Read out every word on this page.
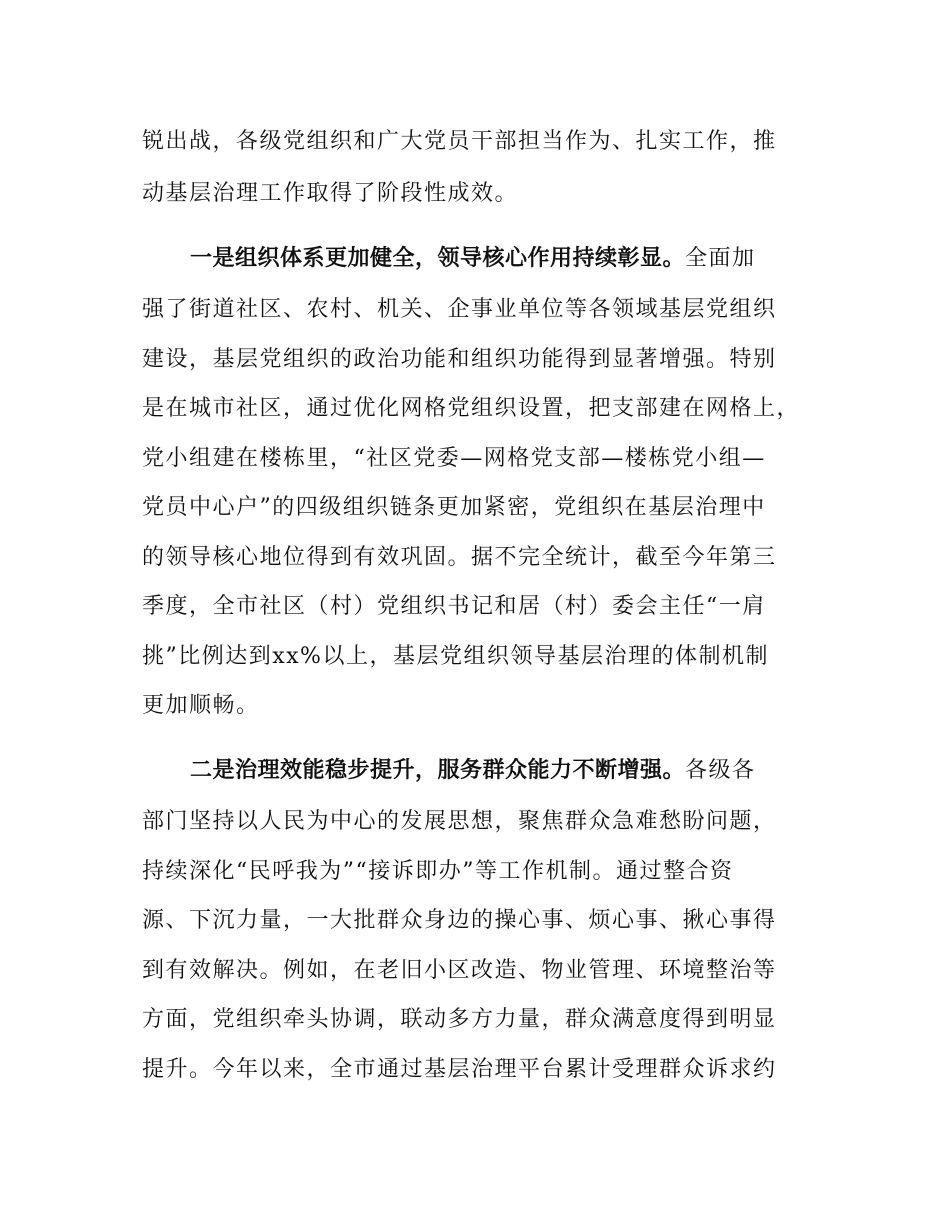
锐出战，各级党组织和广大党员干部担当作为、扎实工作，推
动基层治理工作取得了阶段性成效。
一是组织体系更加健全，领导核心作用持续彰显。全面加
强了街道社区、农村、机关、企事业单位等各领域基层党组织
建设，基层党组织的政治功能和组织功能得到显著增强。特别
是在城市社区，通过优化网格党组织设置，把支部建在网格上，
党小组建在楼栋里，“社区党委—网格党支部—楼栋党小组—
党员中心户”的四级组织链条更加紧密，党组织在基层治理中
的领导核心地位得到有效巩固。据不完全统计，截至今年第三
季度，全市社区（村）党组织书记和居（村）委会主任“一肩
挑”比例达到xx%以上，基层党组织领导基层治理的体制机制
更加顺畅。
二是治理效能稳步提升，服务群众能力不断增强。各级各
部门坚持以人民为中心的发展思想，聚焦群众急难愁盼问题，
持续深化“民呼我为”“接诉即办”等工作机制。通过整合资
源、下沉力量，一大批群众身边的操心事、烦心事、揪心事得
到有效解决。例如，在老旧小区改造、物业管理、环境整治等
方面，党组织牵头协调，联动多方力量，群众满意度得到明显
提升。今年以来，全市通过基层治理平台累计受理群众诉求约
